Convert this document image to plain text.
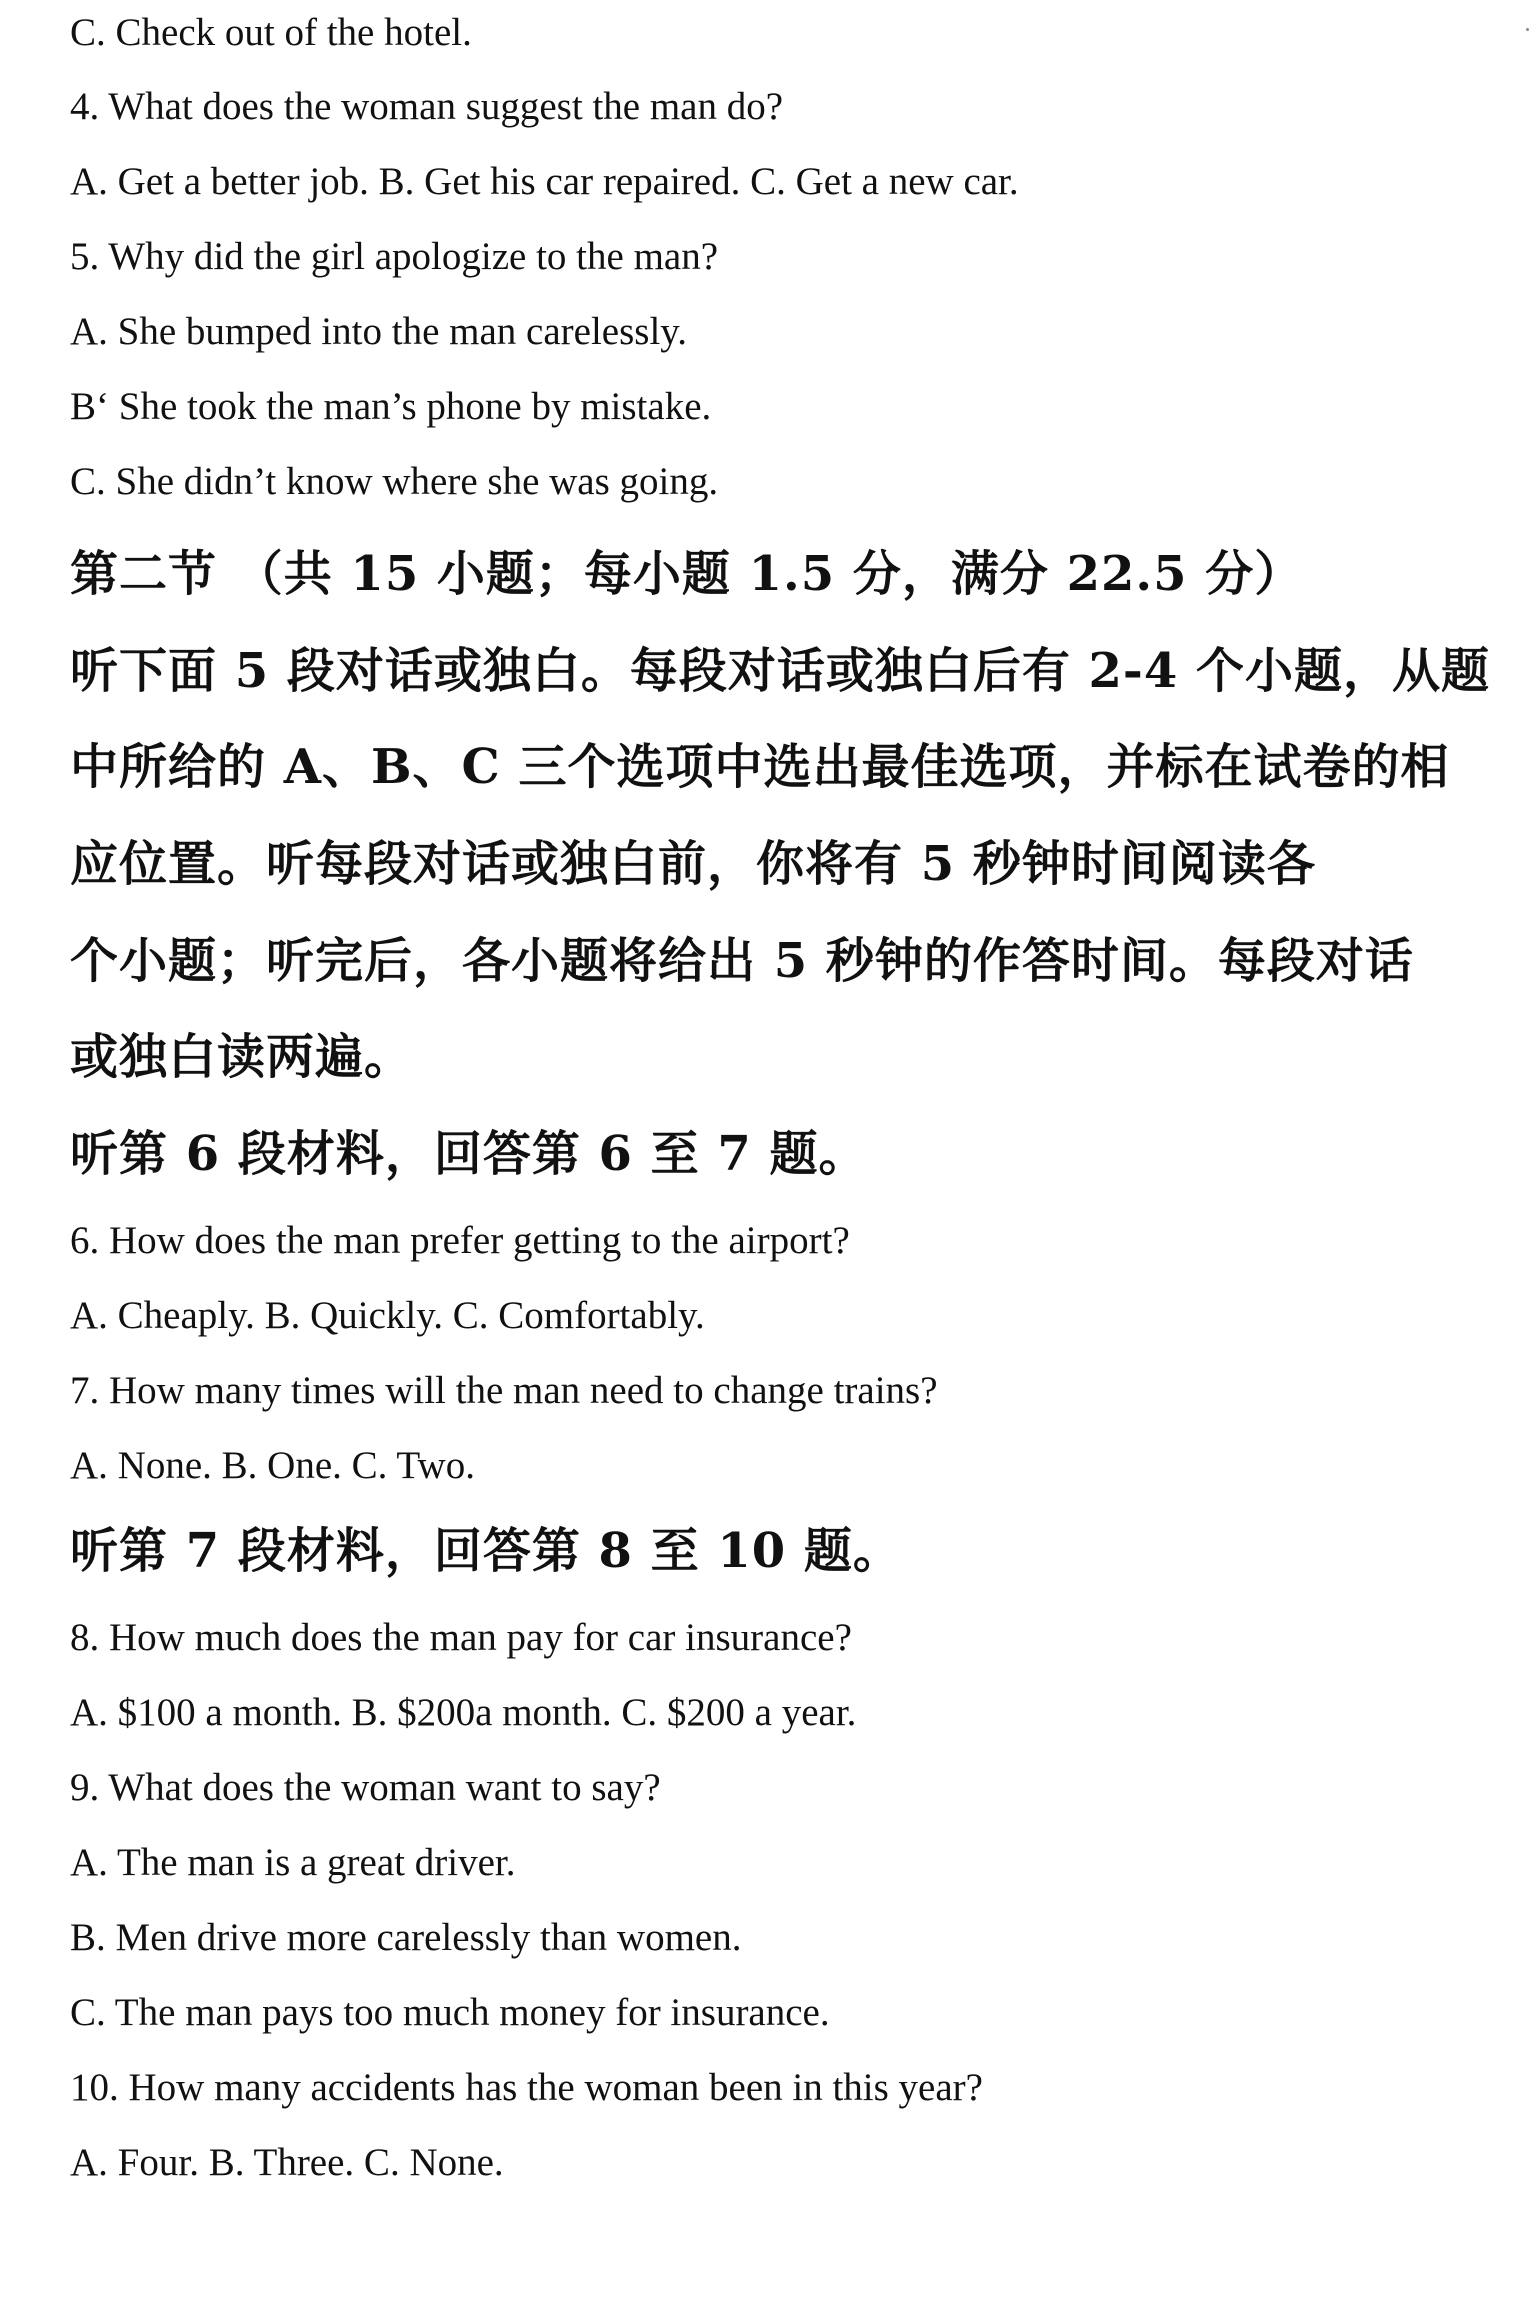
C. Check out of the hotel.
4. What does the woman suggest the man do?
A. Get a better job. B. Get his car repaired. C. Get a new car.
5. Why did the girl apologize to the man?
A. She bumped into the man carelessly.
Bʻ She took the man’s phone by mistake.
C. She didn’t know where she was going.
第二节 （共 15 小题；每小题 1.5 分，满分 22.5 分）
听下面 5 段对话或独白。每段对话或独白后有 2-4 个小题，从题
中所给的 A、B、C 三个选项中选出最佳选项，并标在试卷的相
应位置。听每段对话或独白前，你将有 5 秒钟时间阅读各
个小题；听完后，各小题将给出 5 秒钟的作答时间。每段对话
或独白读两遍。
听第 6 段材料，回答第 6 至 7 题。
6. How does the man prefer getting to the airport?
A. Cheaply. B. Quickly. C. Comfortably.
7. How many times will the man need to change trains?
A. None. B. One. C. Two.
听第 7 段材料，回答第 8 至 10 题。
8. How much does the man pay for car insurance?
A. $100 a month. B. $200a month. C. $200 a year.
9. What does the woman want to say?
A. The man is a great driver.
B. Men drive more carelessly than women.
C. The man pays too much money for insurance.
10. How many accidents has the woman been in this year?
A. Four. B. Three. C. None.
